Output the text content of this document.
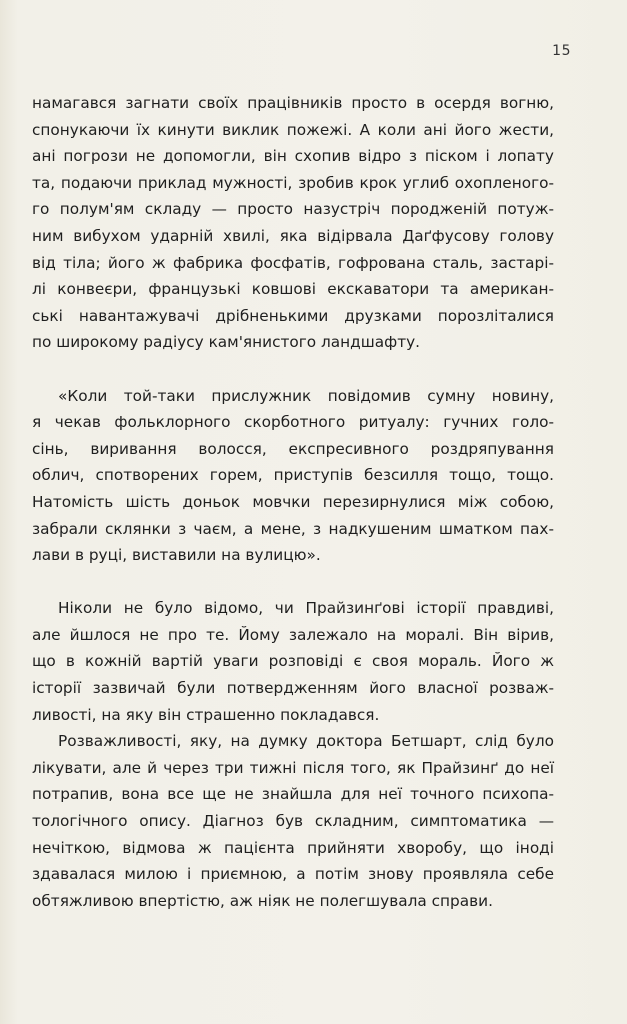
15
намагався загнати своїх працівників просто в осердя вогню,
спонукаючи їх кинути виклик пожежі. А коли ані його жести,
ані погрози не допомогли, він схопив відро з піском і лопату
та, подаючи приклад мужності, зробив крок углиб охопленого-
го полум'ям складу — просто назустріч породженій потуж-
ним вибухом ударній хвилі, яка відірвала Даґфусову голову
від тіла; його ж фабрика фосфатів, гофрована сталь, застарі-
лі конвеєри, французькі ковшові екскаватори та американ-
ські навантажувачі дрібненькими друзками порозліталися
по широкому радіусу кам'янистого ландшафту.
«Коли той-таки прислужник повідомив сумну новину,
я чекав фольклорного скорботного ритуалу: гучних голо-
сінь, виривання волосся, експресивного роздряпування
облич, спотворених горем, приступів безсилля тощо, тощо.
Натомість шість доньок мовчки перезирнулися між собою,
забрали склянки з чаєм, а мене, з надкушеним шматком пах-
лави в руці, виставили на вулицю».
Ніколи не було відомо, чи Прайзинґові історії правдиві,
але йшлося не про те. Йому залежало на моралі. Він вірив,
що в кожній вартій уваги розповіді є своя мораль. Його ж
історії зазвичай були потвердженням його власної розваж-
ливості, на яку він страшенно покладався.
Розважливості, яку, на думку доктора Бетшарт, слід було
лікувати, але й через три тижні після того, як Прайзинґ до неї
потрапив, вона все ще не знайшла для неї точного психопа-
тологічного опису. Діагноз був складним, симптоматика —
нечіткою, відмова ж пацієнта прийняти хворобу, що іноді
здавалася милою і приємною, а потім знову проявляла себе
обтяжливою впертістю, аж ніяк не полегшувала справи.
